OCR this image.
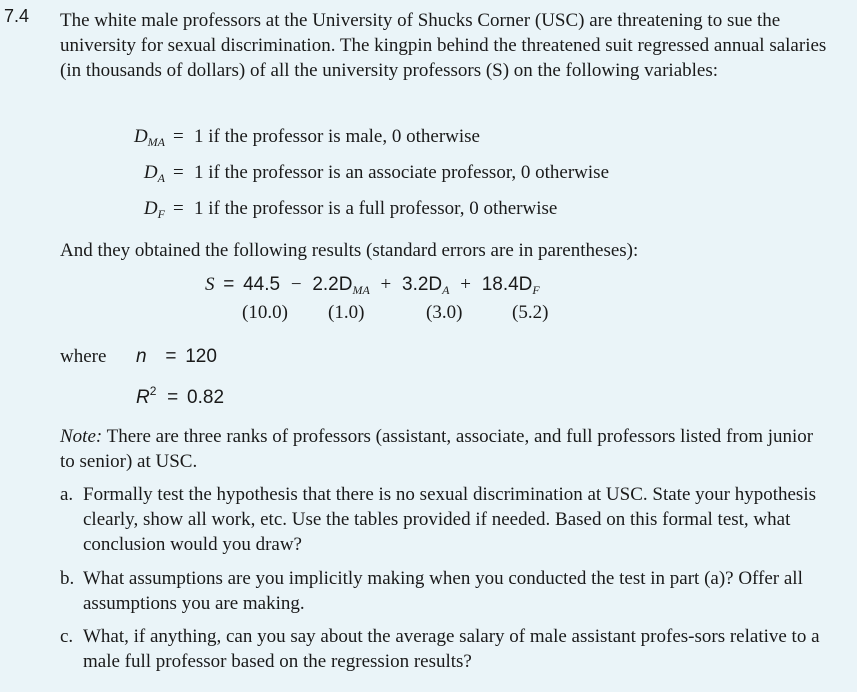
7.4 The white male professors at the University of Shucks Corner (USC) are threatening to sue the university for sexual discrimination. The kingpin behind the threatened suit regressed annual salaries (in thousands of dollars) of all the university professors (S) on the following variables:
$D_{MA} = 1$ if the professor is male, 0 otherwise
$D_A = 1$ if the professor is an associate professor, 0 otherwise
$D_F = 1$ if the professor is a full professor, 0 otherwise
And they obtained the following results (standard errors are in parentheses):
$S = 44.5 - 2.2D_{MA} + 3.2D_A + 18.4D_F$
(10.0) (1.0)	(3.0)	(5.2)
where n = 120
$R^2 = 0.82$
Note: There are three ranks of professors (assistant, associate, and full professors listed from junior to senior) at USC.
a. Formally test the hypothesis that there is no sexual discrimination at USC. State your hypothesis clearly, show all work, etc. Use the tables provided if needed. Based on this formal test, what conclusion would you draw?
b. What assumptions are you implicitly making when you conducted the test in part (a)? Offer all assumptions you are making.
c. What, if anything, can you say about the average salary of male assistant profes-sors relative to a male full professor based on the regression results?
